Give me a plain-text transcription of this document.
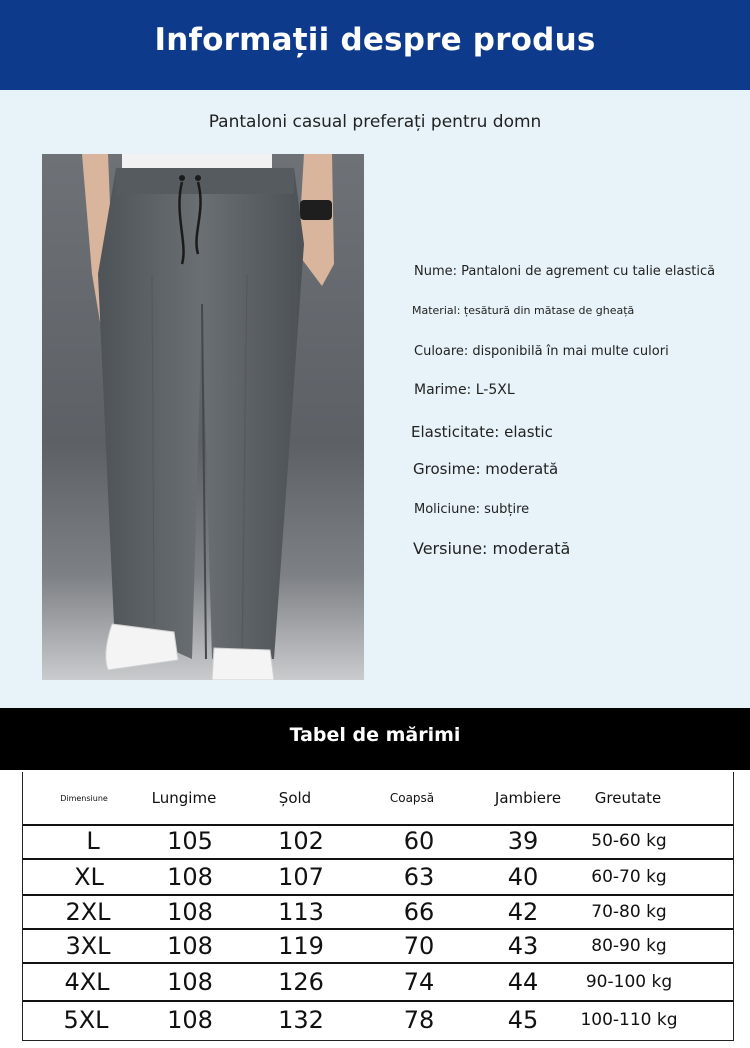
Informații despre produs
Pantaloni casual preferați pentru domn
Nume: Pantaloni de agrement cu talie elastică
Material: țesătură din mătase de gheață
Culoare: disponibilă în mai multe culori
Marime: L-5XL
Elasticitate: elastic
Grosime: moderată
Moliciune: subțire
Versiune: moderată
Tabel de mărimi
Dimensiune	Lungime	Șold	Coapsă	Jambiere	Greutate
L	105	102	60	39	50-60 kg
XL	108	107	63	40	60-70 kg
2XL	108	113	66	42	70-80 kg
3XL	108	119	70	43	80-90 kg
4XL	108	126	74	44	90-100 kg
5XL	108	132	78	45	100-110 kg
